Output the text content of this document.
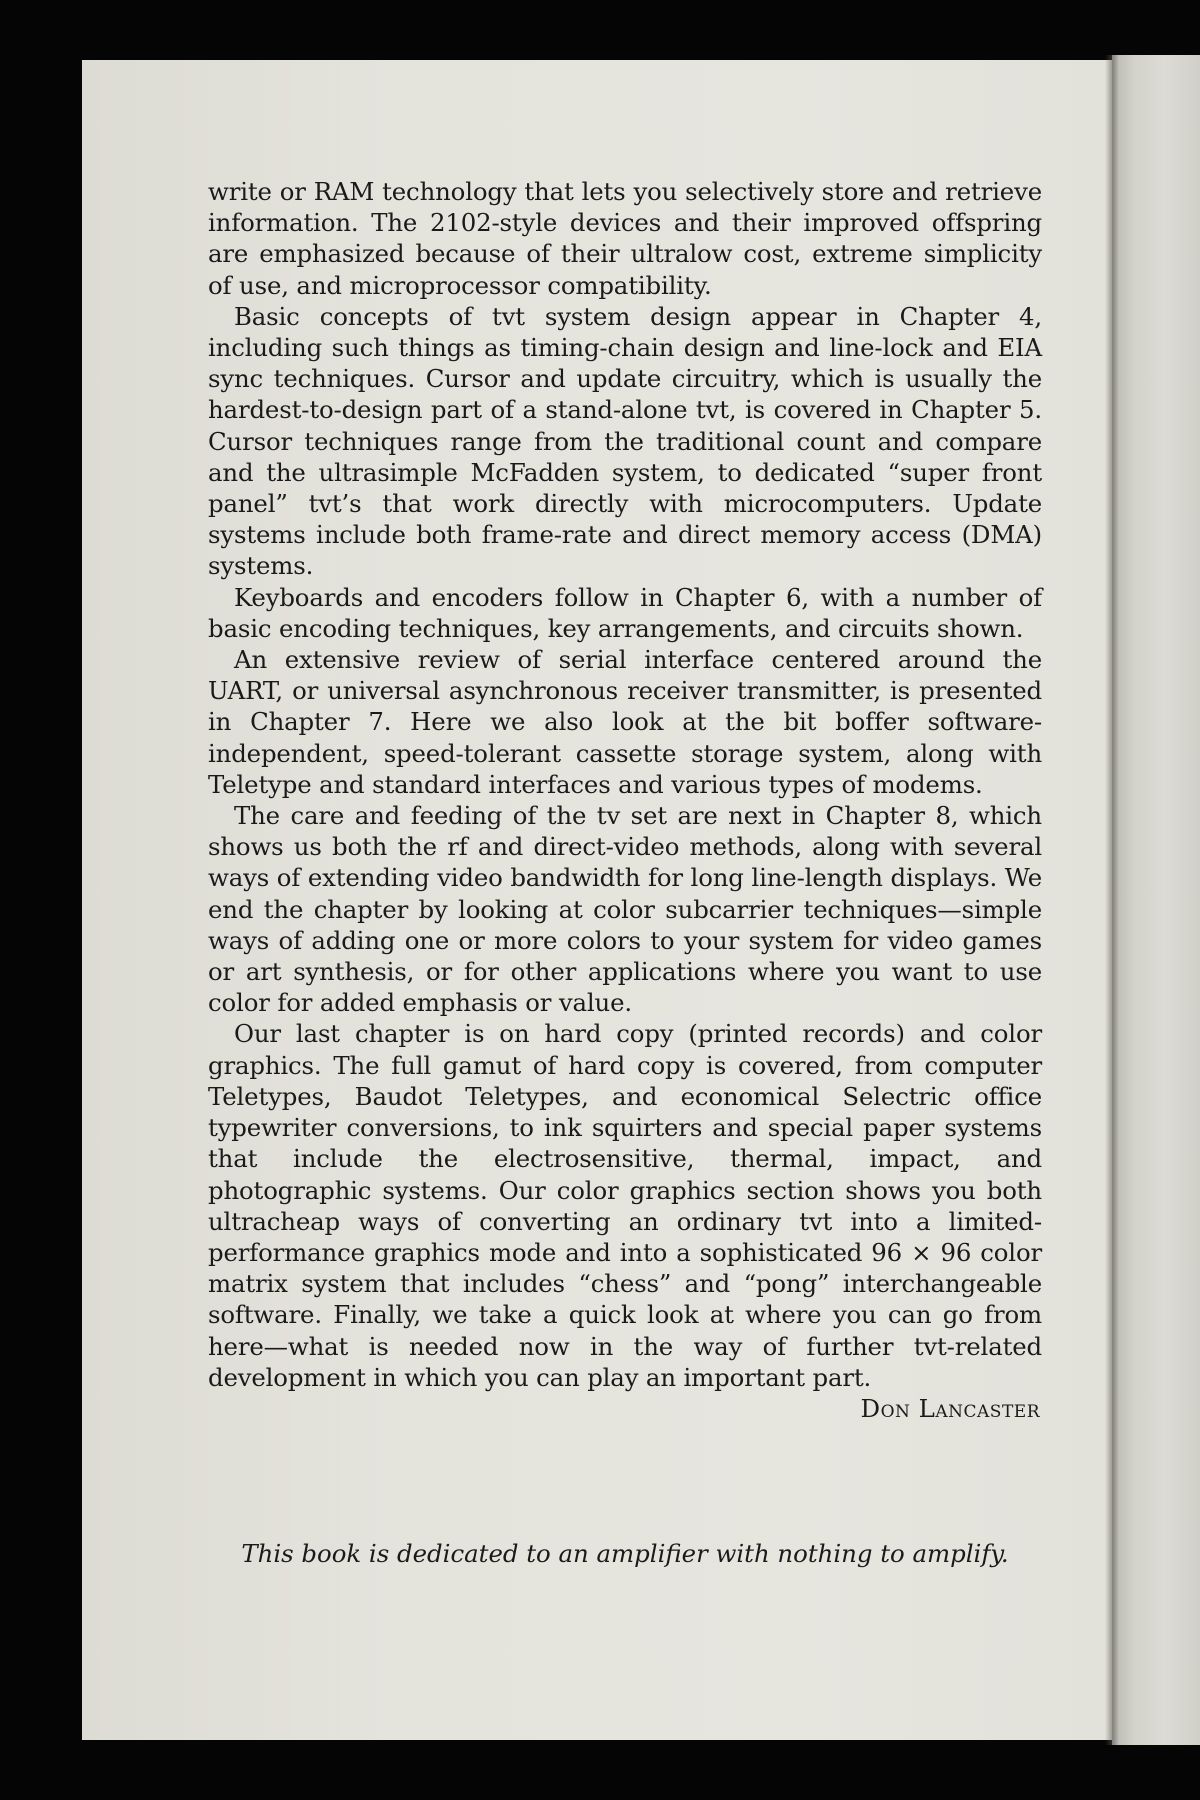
write or RAM technology that lets you selectively store and retrieve information. The 2102-style devices and their improved offspring are emphasized because of their ultralow cost, extreme simplicity of use, and microprocessor compatibility.

Basic concepts of tvt system design appear in Chapter 4, including such things as timing-chain design and line-lock and EIA sync techniques. Cursor and update circuitry, which is usually the hardest-to-design part of a stand-alone tvt, is covered in Chapter 5. Cursor techniques range from the traditional count and compare and the ultrasimple McFadden system, to dedicated “super front panel” tvt’s that work directly with microcomputers. Update systems include both frame-rate and direct memory access (DMA) systems.

Keyboards and encoders follow in Chapter 6, with a number of basic encoding techniques, key arrangements, and circuits shown.

An extensive review of serial interface centered around the UART, or universal asynchronous receiver transmitter, is presented in Chapter 7. Here we also look at the bit boffer software-independent, speed-tolerant cassette storage system, along with Teletype and standard interfaces and various types of modems.

The care and feeding of the tv set are next in Chapter 8, which shows us both the rf and direct-video methods, along with several ways of extending video bandwidth for long line-length displays. We end the chapter by looking at color subcarrier techniques—simple ways of adding one or more colors to your system for video games or art synthesis, or for other applications where you want to use color for added emphasis or value.

Our last chapter is on hard copy (printed records) and color graphics. The full gamut of hard copy is covered, from computer Teletypes, Baudot Teletypes, and economical Selectric office typewriter conversions, to ink squirters and special paper systems that include the electrosensitive, thermal, impact, and photographic systems. Our color graphics section shows you both ultracheap ways of converting an ordinary tvt into a limited-performance graphics mode and into a sophisticated 96 × 96 color matrix system that includes “chess” and “pong” interchangeable software. Finally, we take a quick look at where you can go from here—what is needed now in the way of further tvt-related development in which you can play an important part.

Don Lancaster

This book is dedicated to an amplifier with nothing to amplify.
